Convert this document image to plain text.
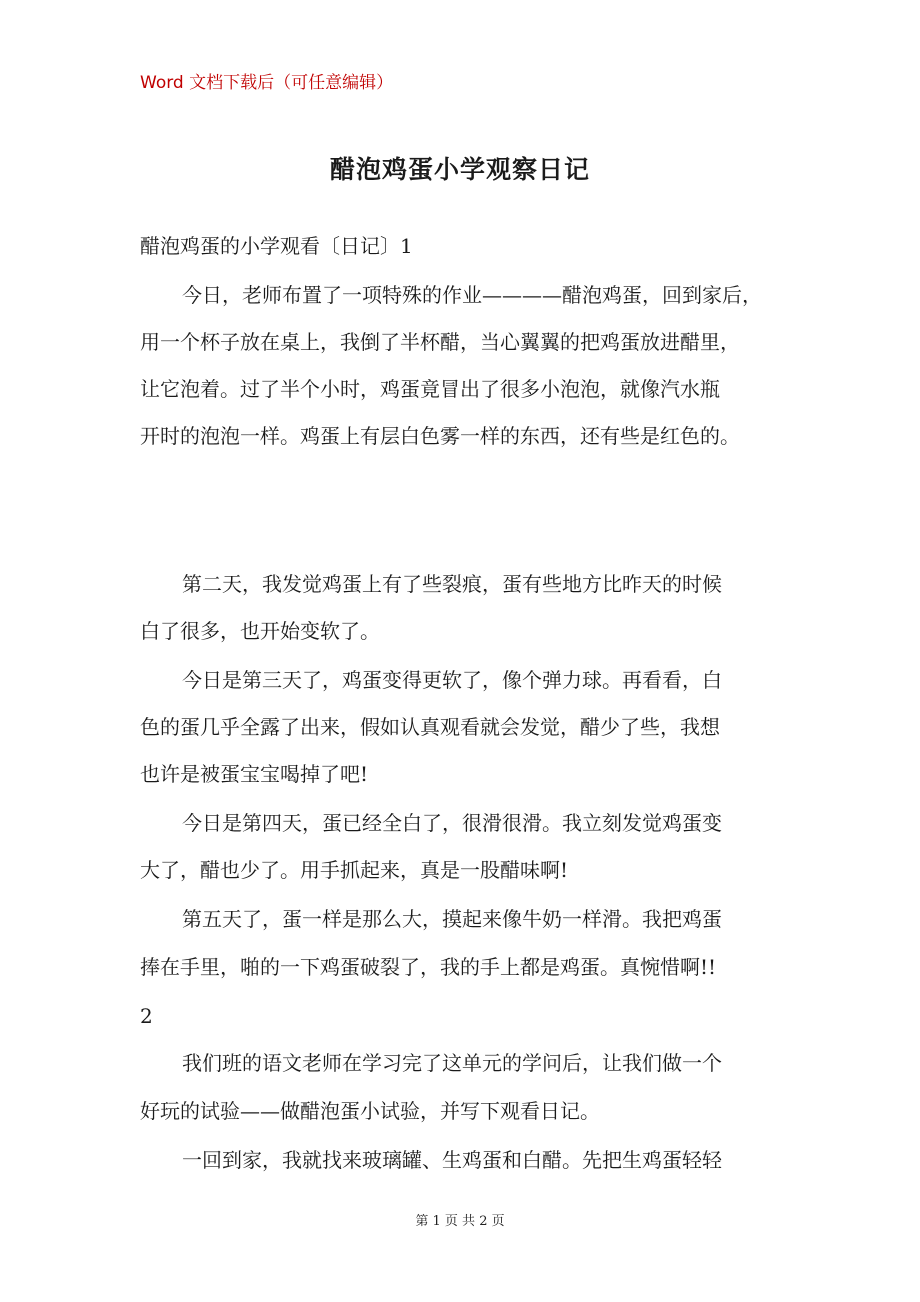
Word 文档下载后（可任意编辑）
醋泡鸡蛋小学观察日记
醋泡鸡蛋的小学观看〔日记〕1
今日，老师布置了一项特殊的作业————醋泡鸡蛋，回到家后，
用一个杯子放在桌上，我倒了半杯醋，当心翼翼的把鸡蛋放进醋里，
让它泡着。过了半个小时，鸡蛋竟冒出了很多小泡泡，就像汽水瓶
开时的泡泡一样。鸡蛋上有层白色雾一样的东西，还有些是红色的。
第二天，我发觉鸡蛋上有了些裂痕，蛋有些地方比昨天的时候
白了很多，也开始变软了。
今日是第三天了，鸡蛋变得更软了，像个弹力球。再看看，白
色的蛋几乎全露了出来，假如认真观看就会发觉，醋少了些，我想
也许是被蛋宝宝喝掉了吧!
今日是第四天，蛋已经全白了，很滑很滑。我立刻发觉鸡蛋变
大了，醋也少了。用手抓起来，真是一股醋味啊!
第五天了，蛋一样是那么大，摸起来像牛奶一样滑。我把鸡蛋
捧在手里，啪的一下鸡蛋破裂了，我的手上都是鸡蛋。真惋惜啊!!
2
我们班的语文老师在学习完了这单元的学问后，让我们做一个
好玩的试验——做醋泡蛋小试验，并写下观看日记。
一回到家，我就找来玻璃罐、生鸡蛋和白醋。先把生鸡蛋轻轻
第 1 页 共 2 页
